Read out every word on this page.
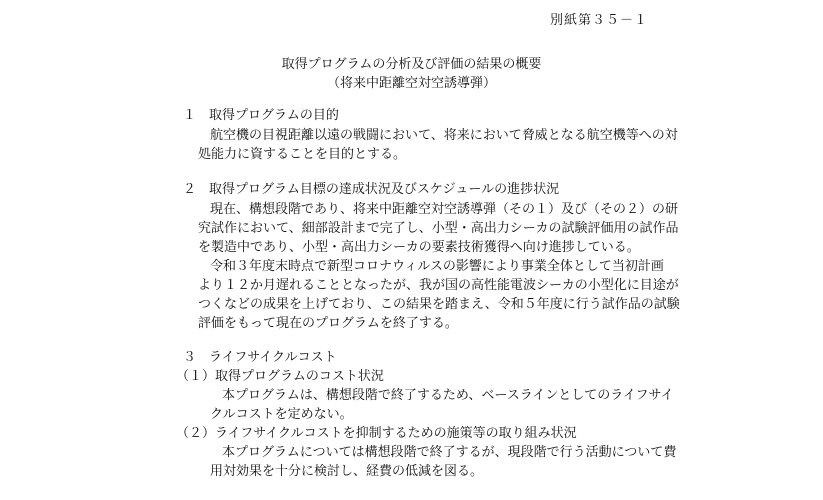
別紙第３５－１
取得プログラムの分析及び評価の結果の概要
（将来中距離空対空誘導弾）
１　取得プログラムの目的
航空機の目視距離以遠の戦闘において、将来において脅威となる航空機等への対
処能力に資することを目的とする。
２　取得プログラム目標の達成状況及びスケジュールの進捗状況
現在、構想段階であり、将来中距離空対空誘導弾（その１）及び（その２）の研
究試作において、細部設計まで完了し、小型・高出力シーカの試験評価用の試作品
を製造中であり、小型・高出力シーカの要素技術獲得へ向け進捗している。
令和３年度末時点で新型コロナウィルスの影響により事業全体として当初計画
より１２か月遅れることとなったが、我が国の高性能電波シーカの小型化に目途が
つくなどの成果を上げており、この結果を踏まえ、令和５年度に行う試作品の試験
評価をもって現在のプログラムを終了する。
３　ライフサイクルコスト
（１）取得プログラムのコスト状況
本プログラムは、構想段階で終了するため、ベースラインとしてのライフサイ
クルコストを定めない。
（２）ライフサイクルコストを抑制するための施策等の取り組み状況
本プログラムについては構想段階で終了するが、現段階で行う活動について費
用対効果を十分に検討し、経費の低減を図る。
